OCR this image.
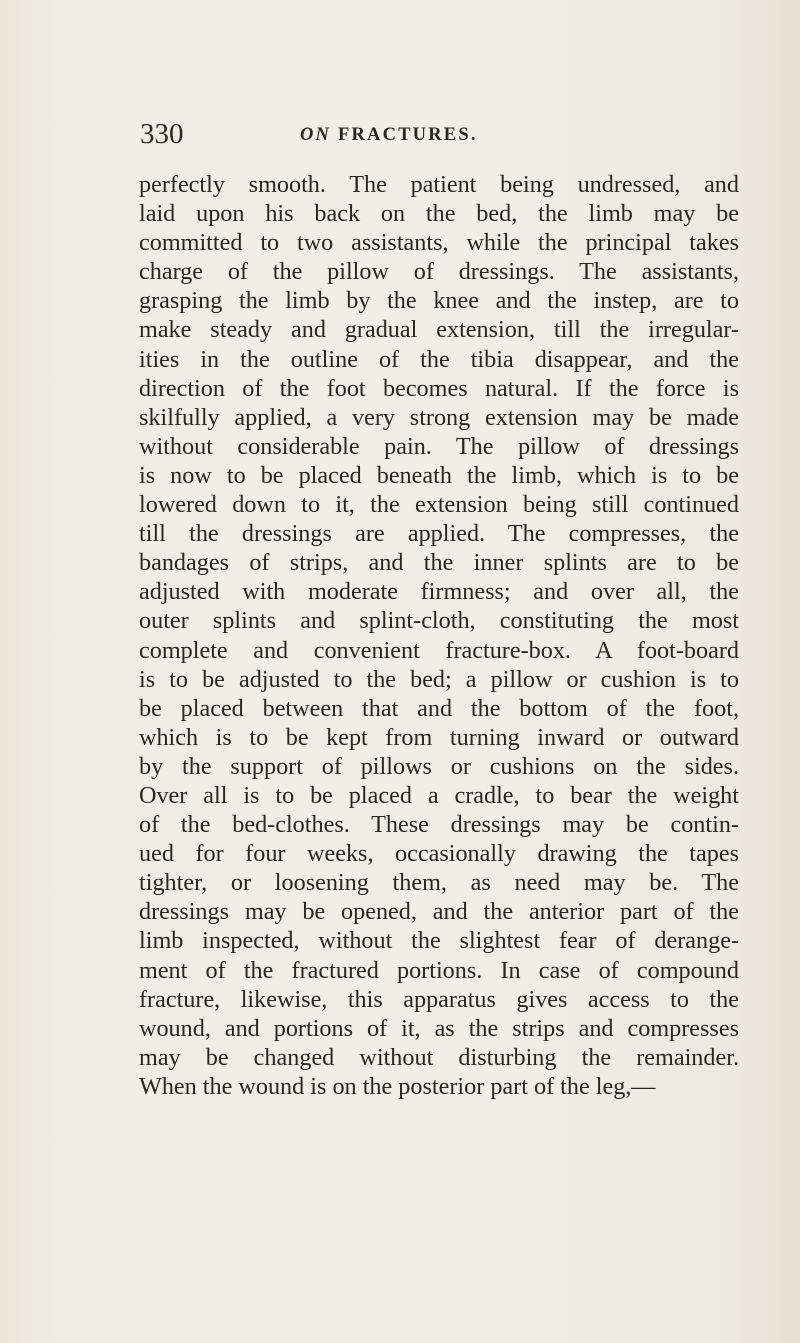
330	ON FRACTURES.
perfectly smooth. The patient being undressed, and
laid upon his back on the bed, the limb may be
committed to two assistants, while the principal takes
charge of the pillow of dressings. The assistants,
grasping the limb by the knee and the instep, are to
make steady and gradual extension, till the irregular-
ities in the outline of the tibia disappear, and the
direction of the foot becomes natural. If the force is
skilfully applied, a very strong extension may be made
without considerable pain. The pillow of dressings
is now to be placed beneath the limb, which is to be
lowered down to it, the extension being still continued
till the dressings are applied. The compresses, the
bandages of strips, and the inner splints are to be
adjusted with moderate firmness; and over all, the
outer splints and splint-cloth, constituting the most
complete and convenient fracture-box. A foot-board
is to be adjusted to the bed; a pillow or cushion is to
be placed between that and the bottom of the foot,
which is to be kept from turning inward or outward
by the support of pillows or cushions on the sides.
Over all is to be placed a cradle, to bear the weight
of the bed-clothes. These dressings may be contin-
ued for four weeks, occasionally drawing the tapes
tighter, or loosening them, as need may be. The
dressings may be opened, and the anterior part of the
limb inspected, without the slightest fear of derange-
ment of the fractured portions. In case of compound
fracture, likewise, this apparatus gives access to the
wound, and portions of it, as the strips and compresses
may be changed without disturbing the remainder.
When the wound is on the posterior part of the leg,—
